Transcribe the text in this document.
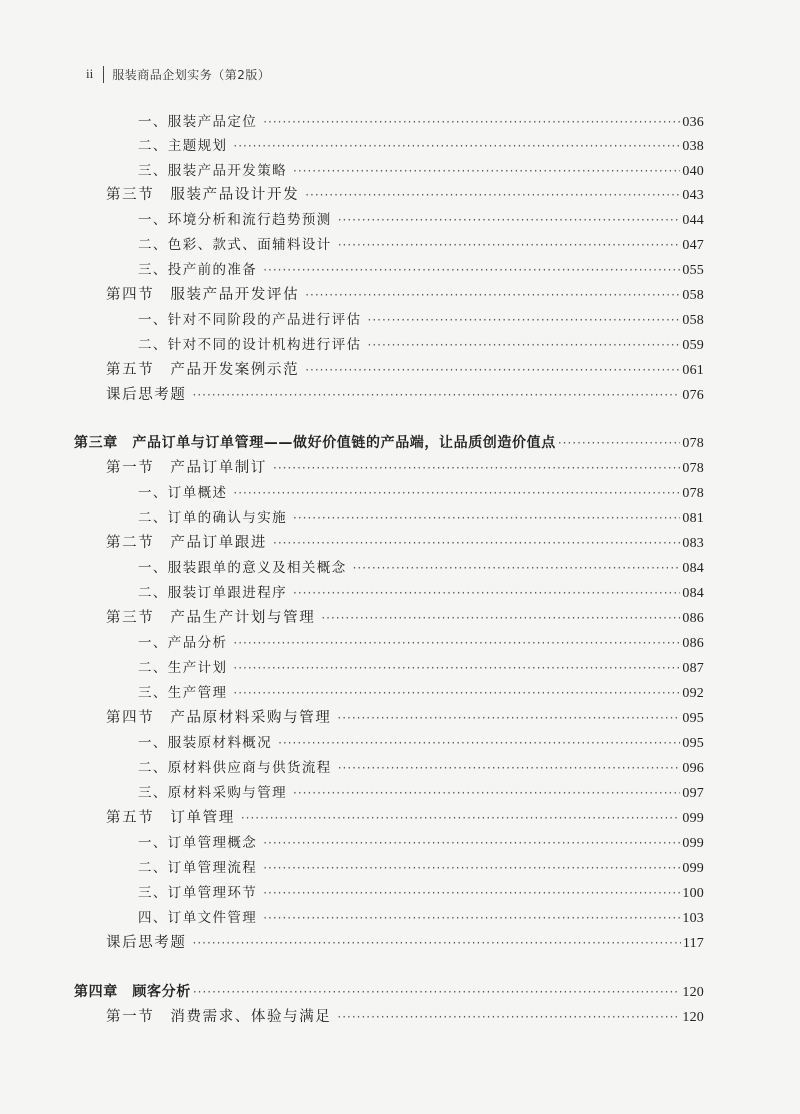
ii 服装商品企划实务（第2版）
一、服装产品定位 ·····	036
二、主题规划 ·····	038
三、服装产品开发策略 ·····	040
第三节　服装产品设计开发 ·····	043
一、环境分析和流行趋势预测 ·····	044
二、色彩、款式、面辅料设计 ·····	047
三、投产前的准备 ·····	055
第四节　服装产品开发评估 ·····	058
一、针对不同阶段的产品进行评估 ·····	058
二、针对不同的设计机构进行评估 ·····	059
第五节　产品开发案例示范 ·····	061
课后思考题 ·····	076
第三章　产品订单与订单管理——做好价值链的产品端，让品质创造价值点 ·····	078
第一节　产品订单制订 ·····	078
一、订单概述 ·····	078
二、订单的确认与实施 ·····	081
第二节　产品订单跟进 ·····	083
一、服装跟单的意义及相关概念 ·····	084
二、服装订单跟进程序 ·····	084
第三节　产品生产计划与管理 ·····	086
一、产品分析 ·····	086
二、生产计划 ·····	087
三、生产管理 ·····	092
第四节　产品原材料采购与管理 ·····	095
一、服装原材料概况 ·····	095
二、原材料供应商与供货流程 ·····	096
三、原材料采购与管理 ·····	097
第五节　订单管理 ·····	099
一、订单管理概念 ·····	099
二、订单管理流程 ·····	099
三、订单管理环节 ·····	100
四、订单文件管理 ·····	103
课后思考题 ·····	117
第四章　顾客分析 ·····	120
第一节　消费需求、体验与满足 ·····	120
